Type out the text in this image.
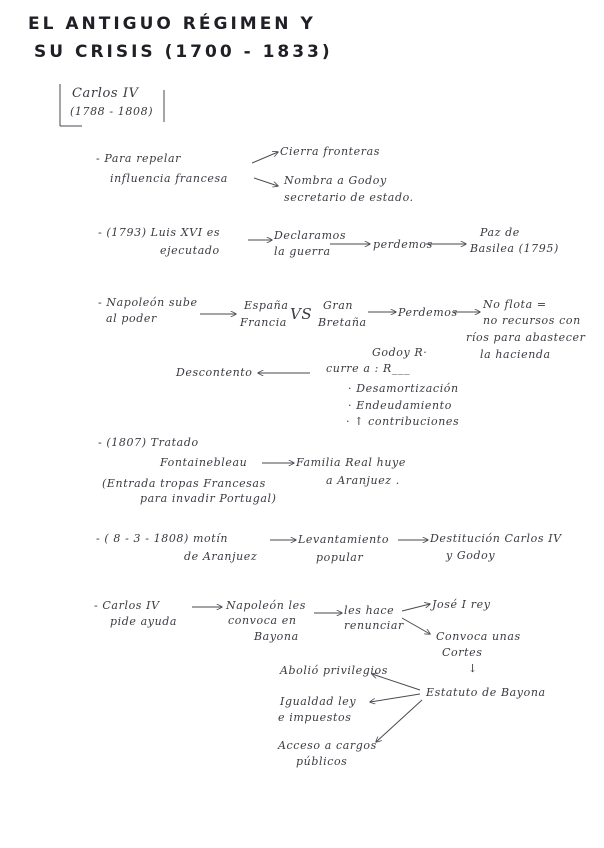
EL ANTIGUO RÉGIMEN Y
SU CRISIS (1700 - 1833)
Carlos IV
(1788 - 1808)
- Para repelar
influencia francesa
Cierra fronteras
Nombra a Godoy
secretario de estado.
- (1793) Luis XVI es
ejecutado
Declaramos
la guerra
perdemos
Paz de
Basilea (1795)
- Napoleón sube
al poder
España
Francia VS Gran
Bretaña
Perdemos
No flota =
no recursos con
ríos para abastecer
la hacienda
Godoy R·
curre a : R___
Descontento
· Desamortización
· Endeudamiento
· ↑ contribuciones
- (1807) Tratado
Fontainebleau
(Entrada tropas Francesas
para invadir Portugal)
Familia Real huye
a Aranjuez .
- ( 8 - 3 - 1808) motín
de Aranjuez
Levantamiento
popular
Destitución Carlos IV
y Godoy
- Carlos IV
pide ayuda
Napoleón les
convoca en
Bayona
les hace
renunciar
José I rey
Convoca unas
Cortes
↓
Estatuto de Bayona
Abolió privilegios
Igualdad ley
e impuestos
Acceso a cargos
públicos
